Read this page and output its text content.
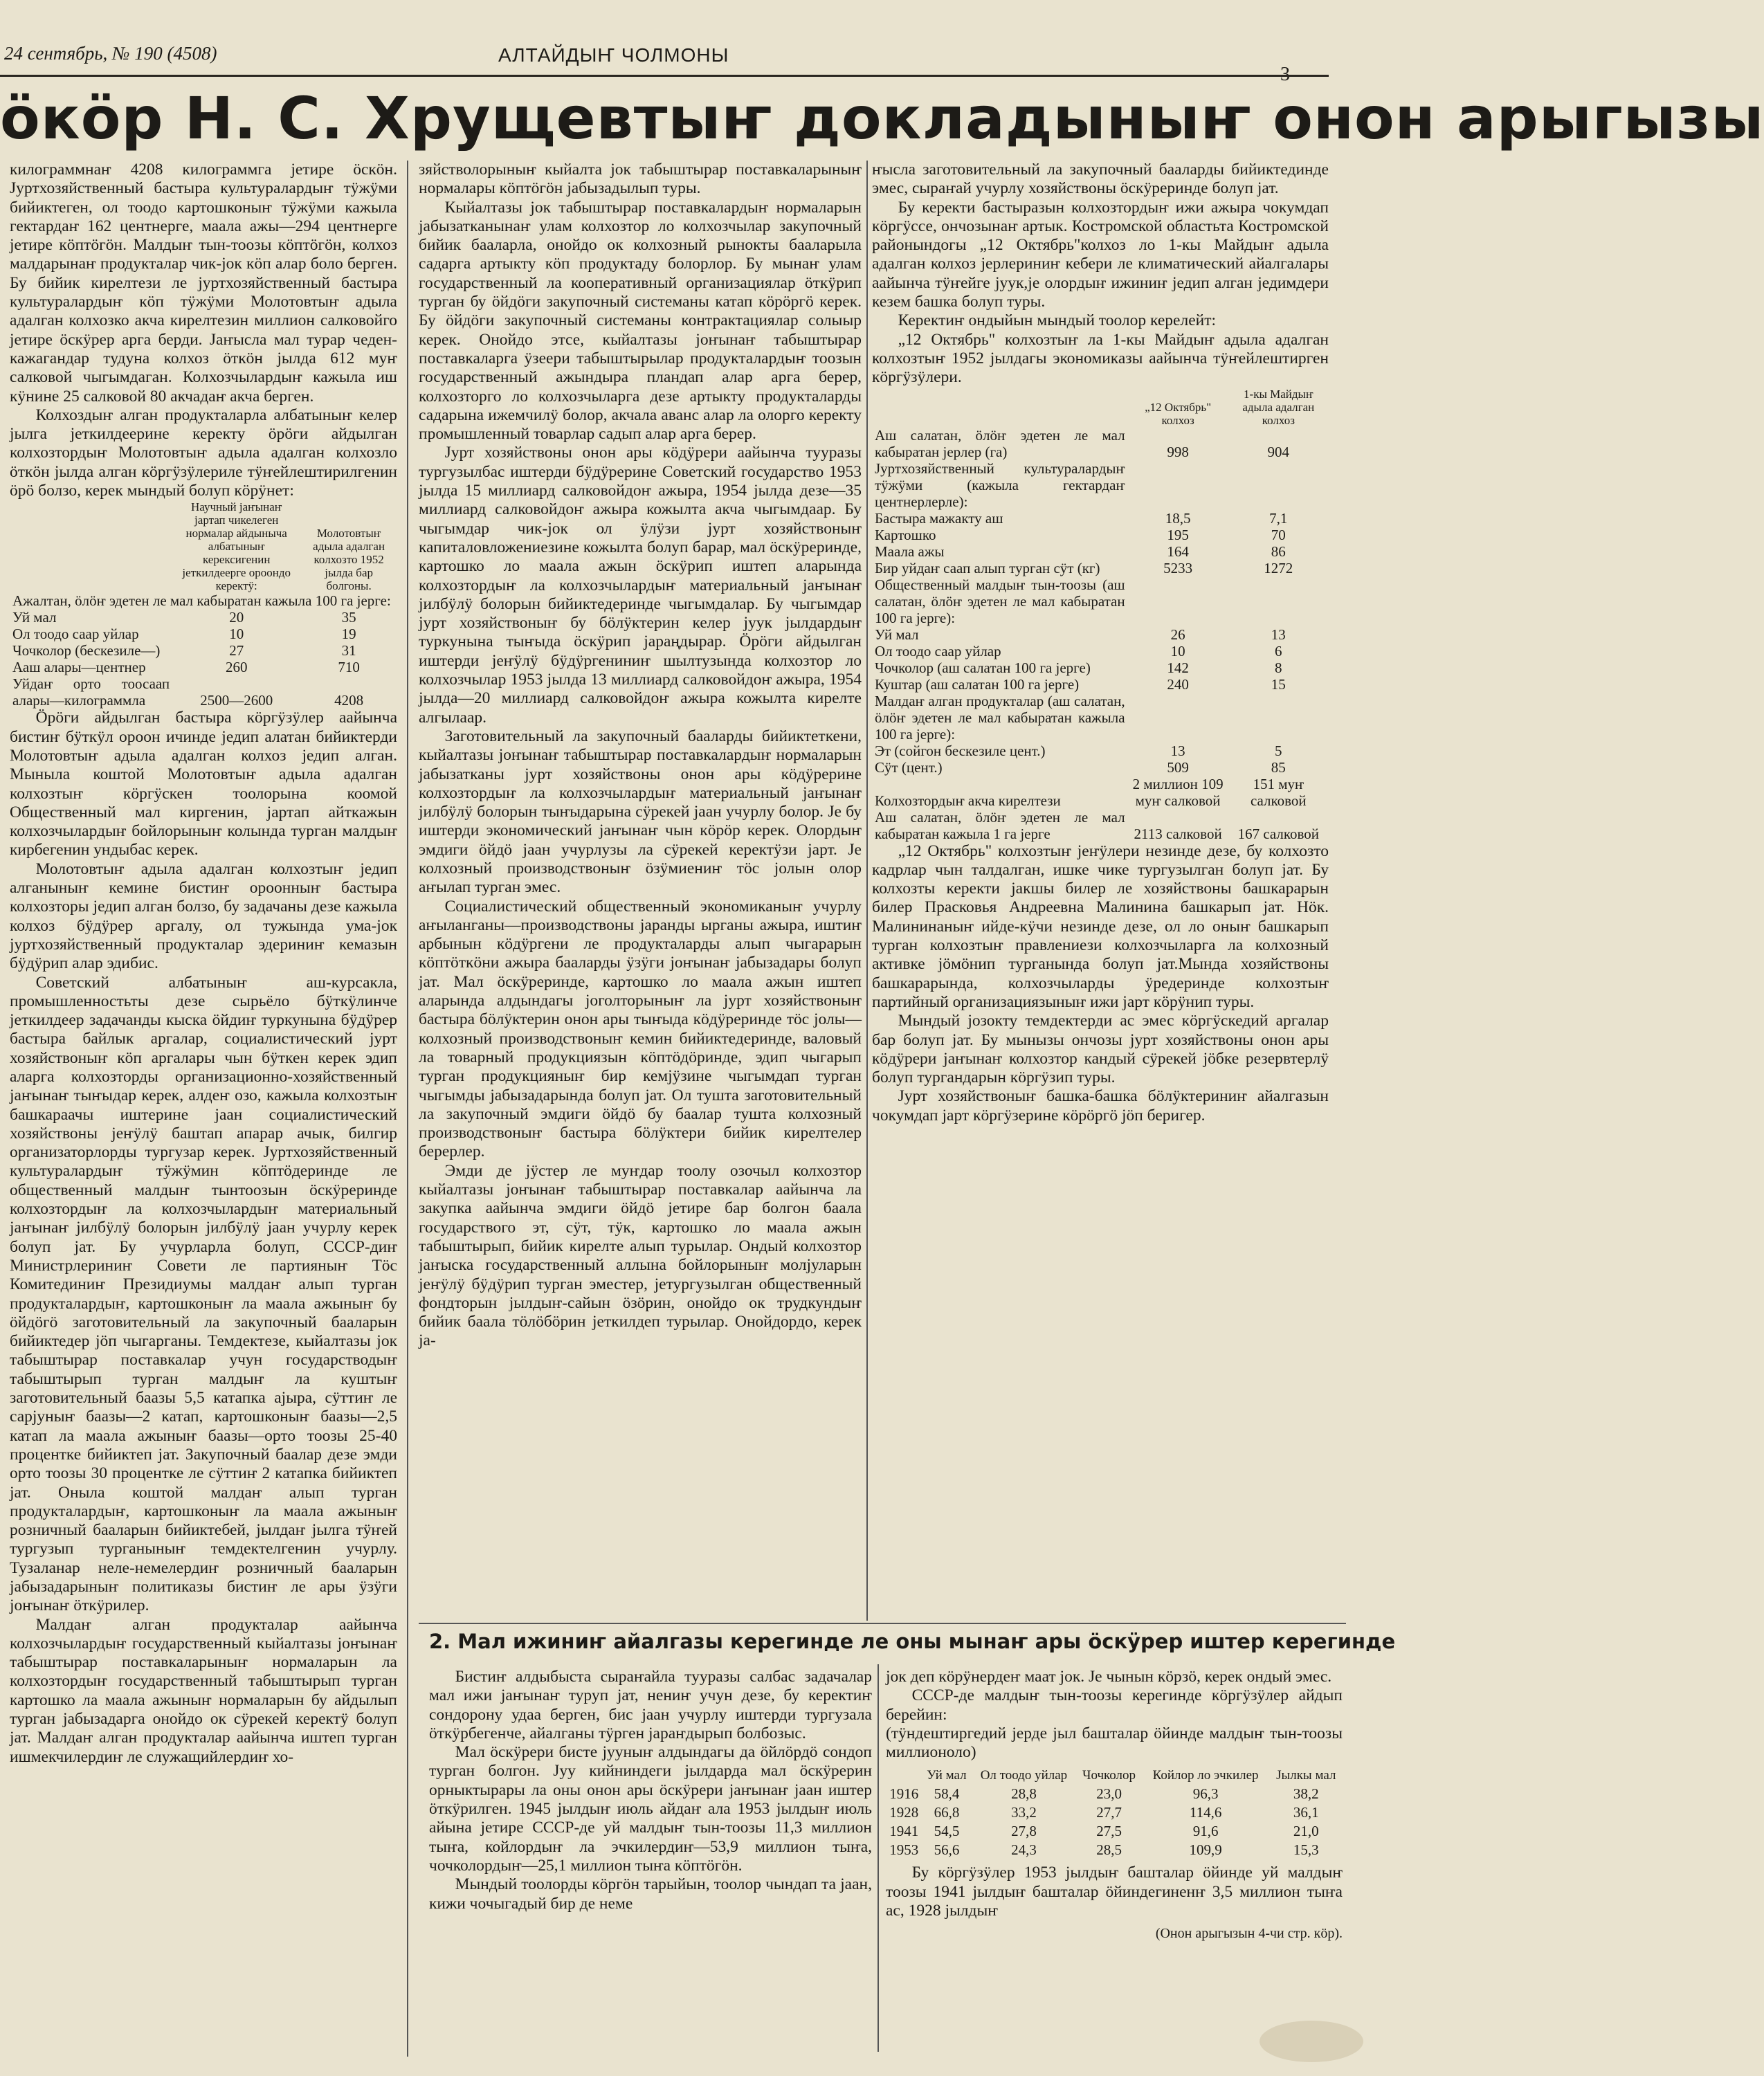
24 сентябрь, № 190 (4508)	АЛТАЙДЫҤ ЧОЛМОНЫ
öкöр Н. С. Хрущевтыҥ докладыныҥ онон арыгызы

килограммнаҥ 4208 килограммга јетире ӧскӧн. Јуртхозяйственный бастыра культуралардыҥ тӱжӱми бийиктеген, ол тоодо картошконыҥ тӱжӱми кажыла гектардаҥ 162 центнерге, маала ажы—294 центнерге јетире кӧптӧгӧн. Малдыҥ тын-тоозы кӧптӧгӧн, колхоз малдарынаҥ продукталар чик-јок кӧп алар боло берген. Бу бийик кирелтези ле јуртхозяйственный бастыра культуралардыҥ кӧп тӱжӱми Молотовтыҥ адыла адалган колхозко акча кирелтезин миллион салковойго јетире ӧскӱрер арга берди. Јаҥысла мал турар чеден-кажагандар тудуна колхоз ӧткӧн јылда 612 муҥ салковой чыгымдаган. Колхозчылардыҥ кажыла иш кӱнине 25 салковой 80 акчадаҥ акча берген.

Колхоздыҥ алган продукталарла албатыныҥ келер јылга јеткилдеерине керекту ӧрӧги айдылган колхозтордыҥ Молотовтыҥ адыла адалган колхозло ӧткӧн јылда алган кӧргӱзӱлериле тӱҥейлештирилгенин ӧрӧ болзо, керек мындый болуп кӧрӱнет:

	Научный јаҥынаҥ јартап чикелеген нормалар айдыныча албатыныҥ керексигенин јеткилдеерге ороондо керектӱ:	Молотовтыҥ адыла адалган колхозто 1952 јылда бар болгоны.
Ажалтан, ӧлӧҥ эдетен ле мал кабыратан кажыла 100 га јерге:		
Уй мал	20	35
Ол тоодо саар уйлар	10	19
Чочколор (бескезиле—)	27	31
Ааш алары—центнер	260	710
Уйдаҥ орто тоосаап алары—килограммла	2500—2600	4208

Ӧрӧги айдылган бастыра кӧргӱзӱлер аайынча бистиҥ бӱткӱл ороон ичинде једип алатан бийиктерди Молотовтыҥ адыла адалган колхоз једип алган. Мыныла коштой Молотовтыҥ адыла адалган колхозтыҥ кӧргӱскен тоолорына коомой Общественный мал киргенин, јартап айткажын колхозчылардыҥ бойлорыныҥ колында турган малдыҥ кирбегенин ундыбас керек.

Молотовтыҥ адыла адалган колхозтыҥ једип алганыныҥ кемине бистиҥ ороонныҥ бастыра колхозторы једип алган болзо, бу задачаны дезе кажыла колхоз бӱдӱрер аргалу, ол тужында ума-јок јуртхозяйственный продукталар эдериниҥ кемазын бӱдӱрип алар эдибис.

Советский албатыныҥ аш-курсакла, промышленностьты дезе сырьёло бӱткӱлинче јеткилдеер задачанды кыска ӧйдиҥ туркунына бӱдӱрер бастыра байлык аргалар, социалистический јурт хозяйствоныҥ кӧп аргалары чын бӱткен керек эдип аларга колхозторды организационно-хозяйственный јаҥынаҥ тыҥыдар керек, алдеҥ озо, кажыла колхозтыҥ башкараачы иштерине јаан социалистический хозяйствоны јеҥӱлӱ баштап апарар ачык, билгир организаторлорды тургузар керек. Јуртхозяйственный культуралардыҥ тӱжӱмин кӧптӧдеринде ле общественный малдыҥ тынтоозын ӧскӱреринде колхозтордыҥ ла колхозчылардыҥ материальный јаҥынаҥ јилбӱлӱ болорын јилбӱлӱ јаан учурлу керек болуп јат. Бу учурларла болуп, СССР-диҥ Министрлериниҥ Совети ле партияныҥ Тӧс Комитединиҥ Президиумы малдаҥ алып турган продукталардыҥ, картошконыҥ ла маала ажыныҥ бу ӧйдӧгӧ заготовительный ла закупочный бааларын бийиктедер јӧп чыгарганы. Темдектезе, кыйалтазы јок табыштырар поставкалар учун государстводыҥ табыштырып турган малдыҥ ла куштыҥ заготовительный баазы 5,5 катапка ајыра, сӱттиҥ ле сарјуныҥ баазы—2 катап, картошконыҥ баазы—2,5 катап ла маала ажыныҥ баазы—орто тоозы 25-40 процентке бийиктеп јат. Закупочный баалар дезе эмди орто тоозы 30 процентке ле сӱттиҥ 2 катапка бийиктеп јат. Оныла коштой малдаҥ алып турган продукталардыҥ, картошконыҥ ла маала ажыныҥ розничный бааларын бийиктебей, јылдаҥ јылга тӱҥей тургузып турганыныҥ темдектелгенин учурлу. Тузаланар неле-немелердиҥ розничный бааларын јабызадарыныҥ политиказы бистиҥ ле ары ӱзӱги јоҥынаҥ ӧткӱрилер.

Малдаҥ алган продукталар аайынча колхозчылардыҥ государственный кыйалтазы јоҥынаҥ табыштырар поставкаларыныҥ нормаларын ла колхозтордыҥ государственный табыштырып турган картошко ла маала ажыныҥ нормаларын бу айдылып турган јабызадарга онойдо ок сӱрекей керектӱ болуп јат. Малдаҥ алган продукталар аайынча иштеп турган ишмекчилердиҥ ле служащийлердиҥ хо-

зяйстволорыныҥ кыйалта јок табыштырар поставкаларыныҥ нормалары кӧптӧгӧн јабызадылып туры.

Кыйалтазы јок табыштырар поставкалардыҥ нормаларын јабызатканынаҥ улам колхозтор ло колхозчылар закупочный бийик бааларла, онойдо ок колхозный рынокты бааларыла садарга артыкту кӧп продуктаду болорлор. Бу мынаҥ улам государственный ла кооперативный организациялар ӧткӱрип турган бу ӧйдӧги закупочный системаны катап кӧрӧргӧ керек. Бу ӧйдӧги закупочный системаны контрактациялар солыыр керек. Онойдо этсе, кыйалтазы јоҥынаҥ табыштырар поставкаларга ӱзеери табыштырылар продукталардыҥ тоозын государственный ажындыра пландап алар арга берер, колхозторго ло колхозчыларга дезе артыкту продукталарды садарына ижемчилӱ болор, акчала аванс алар ла олорго керекту промышленный товарлар садып алар арга берер.

Јурт хозяйствоны онон ары кӧдӱрери аайынча тууразы тургузылбас иштерди бӱдӱрерине Советский государство 1953 јылда 15 миллиард салковойдоҥ ажыра, 1954 јылда дезе—35 миллиард салковойдоҥ ажыра кожылта акча чыгымдаар. Бу чыгымдар чик-јок ол ӱлӱзи јурт хозяйствоныҥ капиталовложениезине кожылта болуп барар, мал ӧскӱреринде, картошко ло маала ажын ӧскӱрип иштеп аларында колхозтордыҥ ла колхозчылардыҥ материальный јаҥынаҥ јилбӱлӱ болорын бийиктедеринде чыгымдалар. Бу чыгымдар јурт хозяйствоныҥ бу бӧлӱктерин келер јуук јылдардыҥ туркунына тыҥыда ӧскӱрип јараңдырар. Ӧрӧги айдылган иштерди јеҥӱлӱ бӱдӱргениниҥ шылтузында колхозтор ло колхозчылар 1953 јылда 13 миллиард салковойдоҥ ажыра, 1954 јылда—20 миллиард салковойдоҥ ажыра кожылта кирелте алгылаар.

Заготовительный ла закупочный бааларды бийиктеткени, кыйалтазы јоҥынаҥ табыштырар поставкалардыҥ нормаларын јабызатканы јурт хозяйствоны онон ары кӧдӱрерине колхозтордыҥ ла колхозчылардыҥ материальный јаҥынаҥ јилбӱлӱ болорын тыҥыдарына сӱрекей јаан учурлу болор. Је бу иштерди экономический јаҥынаҥ чын кӧрӧр керек. Олордыҥ эмдиги ӧйдӧ јаан учурлузы ла сӱрекей керектӱзи јарт. Је колхозный производствоныҥ ӧзӱмиениҥ тӧс јолын олор аҥылап турган эмес.

Социалистический общественный экономиканыҥ учурлу аҥыланганы—производствоны јаранды ырганы ажыра, иштиҥ арбынын кӧдӱргени ле продукталарды алып чыгарарын кӧптӧткӧни ажыра бааларды ӱзӱги јоҥынаҥ јабызадары болуп јат. Мал ӧскӱреринде, картошко ло маала ажын иштеп аларында алдындагы јоголторыныҥ ла јурт хозяйствоныҥ бастыра бӧлӱктерин онон ары тыҥыда кӧдӱреринде тӧс јолы—колхозный производствоныҥ кемин бийиктедеринде, валовый ла товарный продукциязын кӧптӧдӧринде, эдип чыгарып турган продукцияныҥ бир кемјӱзине чыгымдап турган чыгымды јабызадарында болуп јат. Ол тушта заготовительный ла закупочный эмдиги ӧйдӧ бу баалар тушта колхозный производствоныҥ бастыра бӧлӱктери бийик кирелтелер берерлер.

Эмди де јӱстер ле муҥдар тоолу озочыл колхозтор кыйалтазы јоҥынаҥ табыштырар поставкалар аайынча ла закупка аайынча эмдиги ӧйдӧ јетире бар болгон баала государствого эт, сӱт, тӱк, картошко ло маала ажын табыштырып, бийик кирелте алып турылар. Ондый колхозтор јаҥыска государственный аллына бойлорыныҥ молјуларын јеҥӱлӱ бӱдӱрип турган эместер, јетургузылган общественный фондторын јылдыҥ-сайын ӧзӧрин, онойдо ок трудкундыҥ бийик баала тӧлӧбӧрин јеткилдеп турылар. Онойдордо, керек ја-

ҥысла заготовительный ла закупочный бааларды бийиктединде эмес, сыраҥай учурлу хозяйствоны ӧскӱреринде болуп јат.

Бу керекти бастыразын колхозтордыҥ ижи ажыра чокумдап кӧргӱссе, ончозынаҥ артык. Костромской областьта Костромской районындогы „12 Октябрь"колхоз ло 1-кы Майдыҥ адыла адалган колхоз јерлериниҥ кебери ле климатический айалгалары аайынча тӱҥейге јуук,је олордыҥ ижиниҥ једип алган једимдери кезем башка болуп туры.

Керектиҥ ондыйын мындый тоолор керелейт:

„12 Октябрь" колхозтыҥ ла 1-кы Майдыҥ адыла адалган колхозтыҥ 1952 јылдагы экономиказы аайынча тӱҥейлештирген кӧргӱзӱлери.

	„12 Октябрь" колхоз	1-кы Майдыҥ адыла адалган колхоз
Аш салатан, ӧлӧҥ эдетен ле мал кабыратан јерлер (га)	998	904
Јуртхозяйственный культуралардыҥ тӱжӱми (кажыла гектардаҥ центнерлерле):		
Бастыра мажакту аш	18,5	7,1
Картошко	195	70
Маала ажы	164	86
Бир уйдаҥ саап алып турган сӱт (кг)	5233	1272
Общественный малдыҥ тын-тоозы (аш салатан, ӧлӧҥ эдетен ле мал кабыратан 100 га јерге):		
Уй мал	26	13
Ол тоодо саар уйлар	10	6
Чочколор (аш салатан 100 га јерге)	142	8
Куштар (аш салатан 100 га јерге)	240	15
Малдаҥ алган продукталар (аш салатан, ӧлӧҥ эдетен ле мал кабыратан кажыла 100 га јерге):		
Эт (сойгон бескезиле цент.)	13	5
Сӱт (цент.)	509	85
Колхозтордыҥ акча кирелтези	2 миллион 109 муҥ салковой	151 муҥ салковой
Аш салатан, ӧлӧҥ эдетен ле мал кабыратан кажыла 1 га јерге	2113 салковой	167 салковой

„12 Октябрь" колхозтыҥ јеҥӱлери незинде дезе, бу колхозто кадрлар чын талдалган, ишке чике тургузылган болуп јат. Бу колхозты керекти јакшы билер ле хозяйствоны башкарарын билер Прасковья Андреевна Малинина башкарып јат. Нӧк. Малининаныҥ ийде-кӱчи незинде дезе, ол ло оныҥ башкарып турган колхозтыҥ правлениези колхозчыларга ла колхозный активке јӧмӧнип турганында болуп јат.Мында хозяйствоны башкарарында, колхозчыларды ӱредеринде колхозтыҥ партийный организациязыныҥ ижи јарт кӧрӱнип туры.

Мындый јозокту темдектерди ас эмес кӧргӱскедий аргалар бар болуп јат. Бу мынызы ончозы јурт хозяйствоны онон ары кӧдӱрери јаҥынаҥ колхозтор кандый сӱрекей јӧбке резервтерлӱ болуп тургандарын кӧргӱзип туры.

Јурт хозяйствоныҥ башка-башка бӧлӱктериниҥ айалгазын чокумдап јарт кӧргӱзерине кӧрӧргӧ јӧп беригер.

2. Мал ижиниҥ айалгазы керегинде ле оны мынаҥ ары ӧскӱрер иштер керегинде

Бистиҥ алдыбыста сыраҥайла тууразы салбас задачалар мал ижи јаҥынаҥ туруп јат, нениҥ учун дезе, бу керектиҥ сондорону удаа берген, бис јаан учурлу иштерди тургузала ӧткӱрбегенче, айалганы тӱрген јараҥдырып болбозыс.

Мал ӧскӱрери бисте јууныҥ алдындагы да ӧйлӧрдӧ сондоп турган болгон. Јуу кийниндеги јылдарда мал ӧскӱрерин орныктырары ла оны онон ары ӧскӱрери јаҥынаҥ јаан иштер ӧткӱрилген. 1945 јылдыҥ июль айдаҥ ала 1953 јылдыҥ июль айына јетире СССР-де уй малдыҥ тын-тоозы 11,3 миллион тыҥа, койлордыҥ ла эчкилердиҥ—53,9 миллион тыҥа, чочколордыҥ—25,1 миллион тыҥа кӧптӧгӧн.

Мындый тоолорды кӧргӧн тарыйын, тоолор чындап та јаан, кижи чочыгадый бир де неме

јок деп кӧрӱнердеҥ маат јок. Је чынын кӧрзӧ, керек ондый эмес.

СССР-де малдыҥ тын-тоозы керегинде кӧргӱзӱлер айдып берейин:

(тӱндештиргедий јерде јыл башталар ӧйинде малдыҥ тын-тоозы миллионоло)

	Уй мал	Ол тоодо уйлар	Чочколор	Койлор ло эчкилер	Јылкы мал
1916	58,4	28,8	23,0	96,3	38,2
1928	66,8	33,2	27,7	114,6	36,1
1941	54,5	27,8	27,5	91,6	21,0
1953	56,6	24,3	28,5	109,9	15,3

Бу кӧргӱзӱлер 1953 јылдыҥ башталар ӧйинде уй малдыҥ тоозы 1941 јылдыҥ башталар ӧйиндегиненҥ 3,5 миллион тыҥа ас, 1928 јылдыҥ

(Онон арыгызын 4-чи стр. кӧр).
